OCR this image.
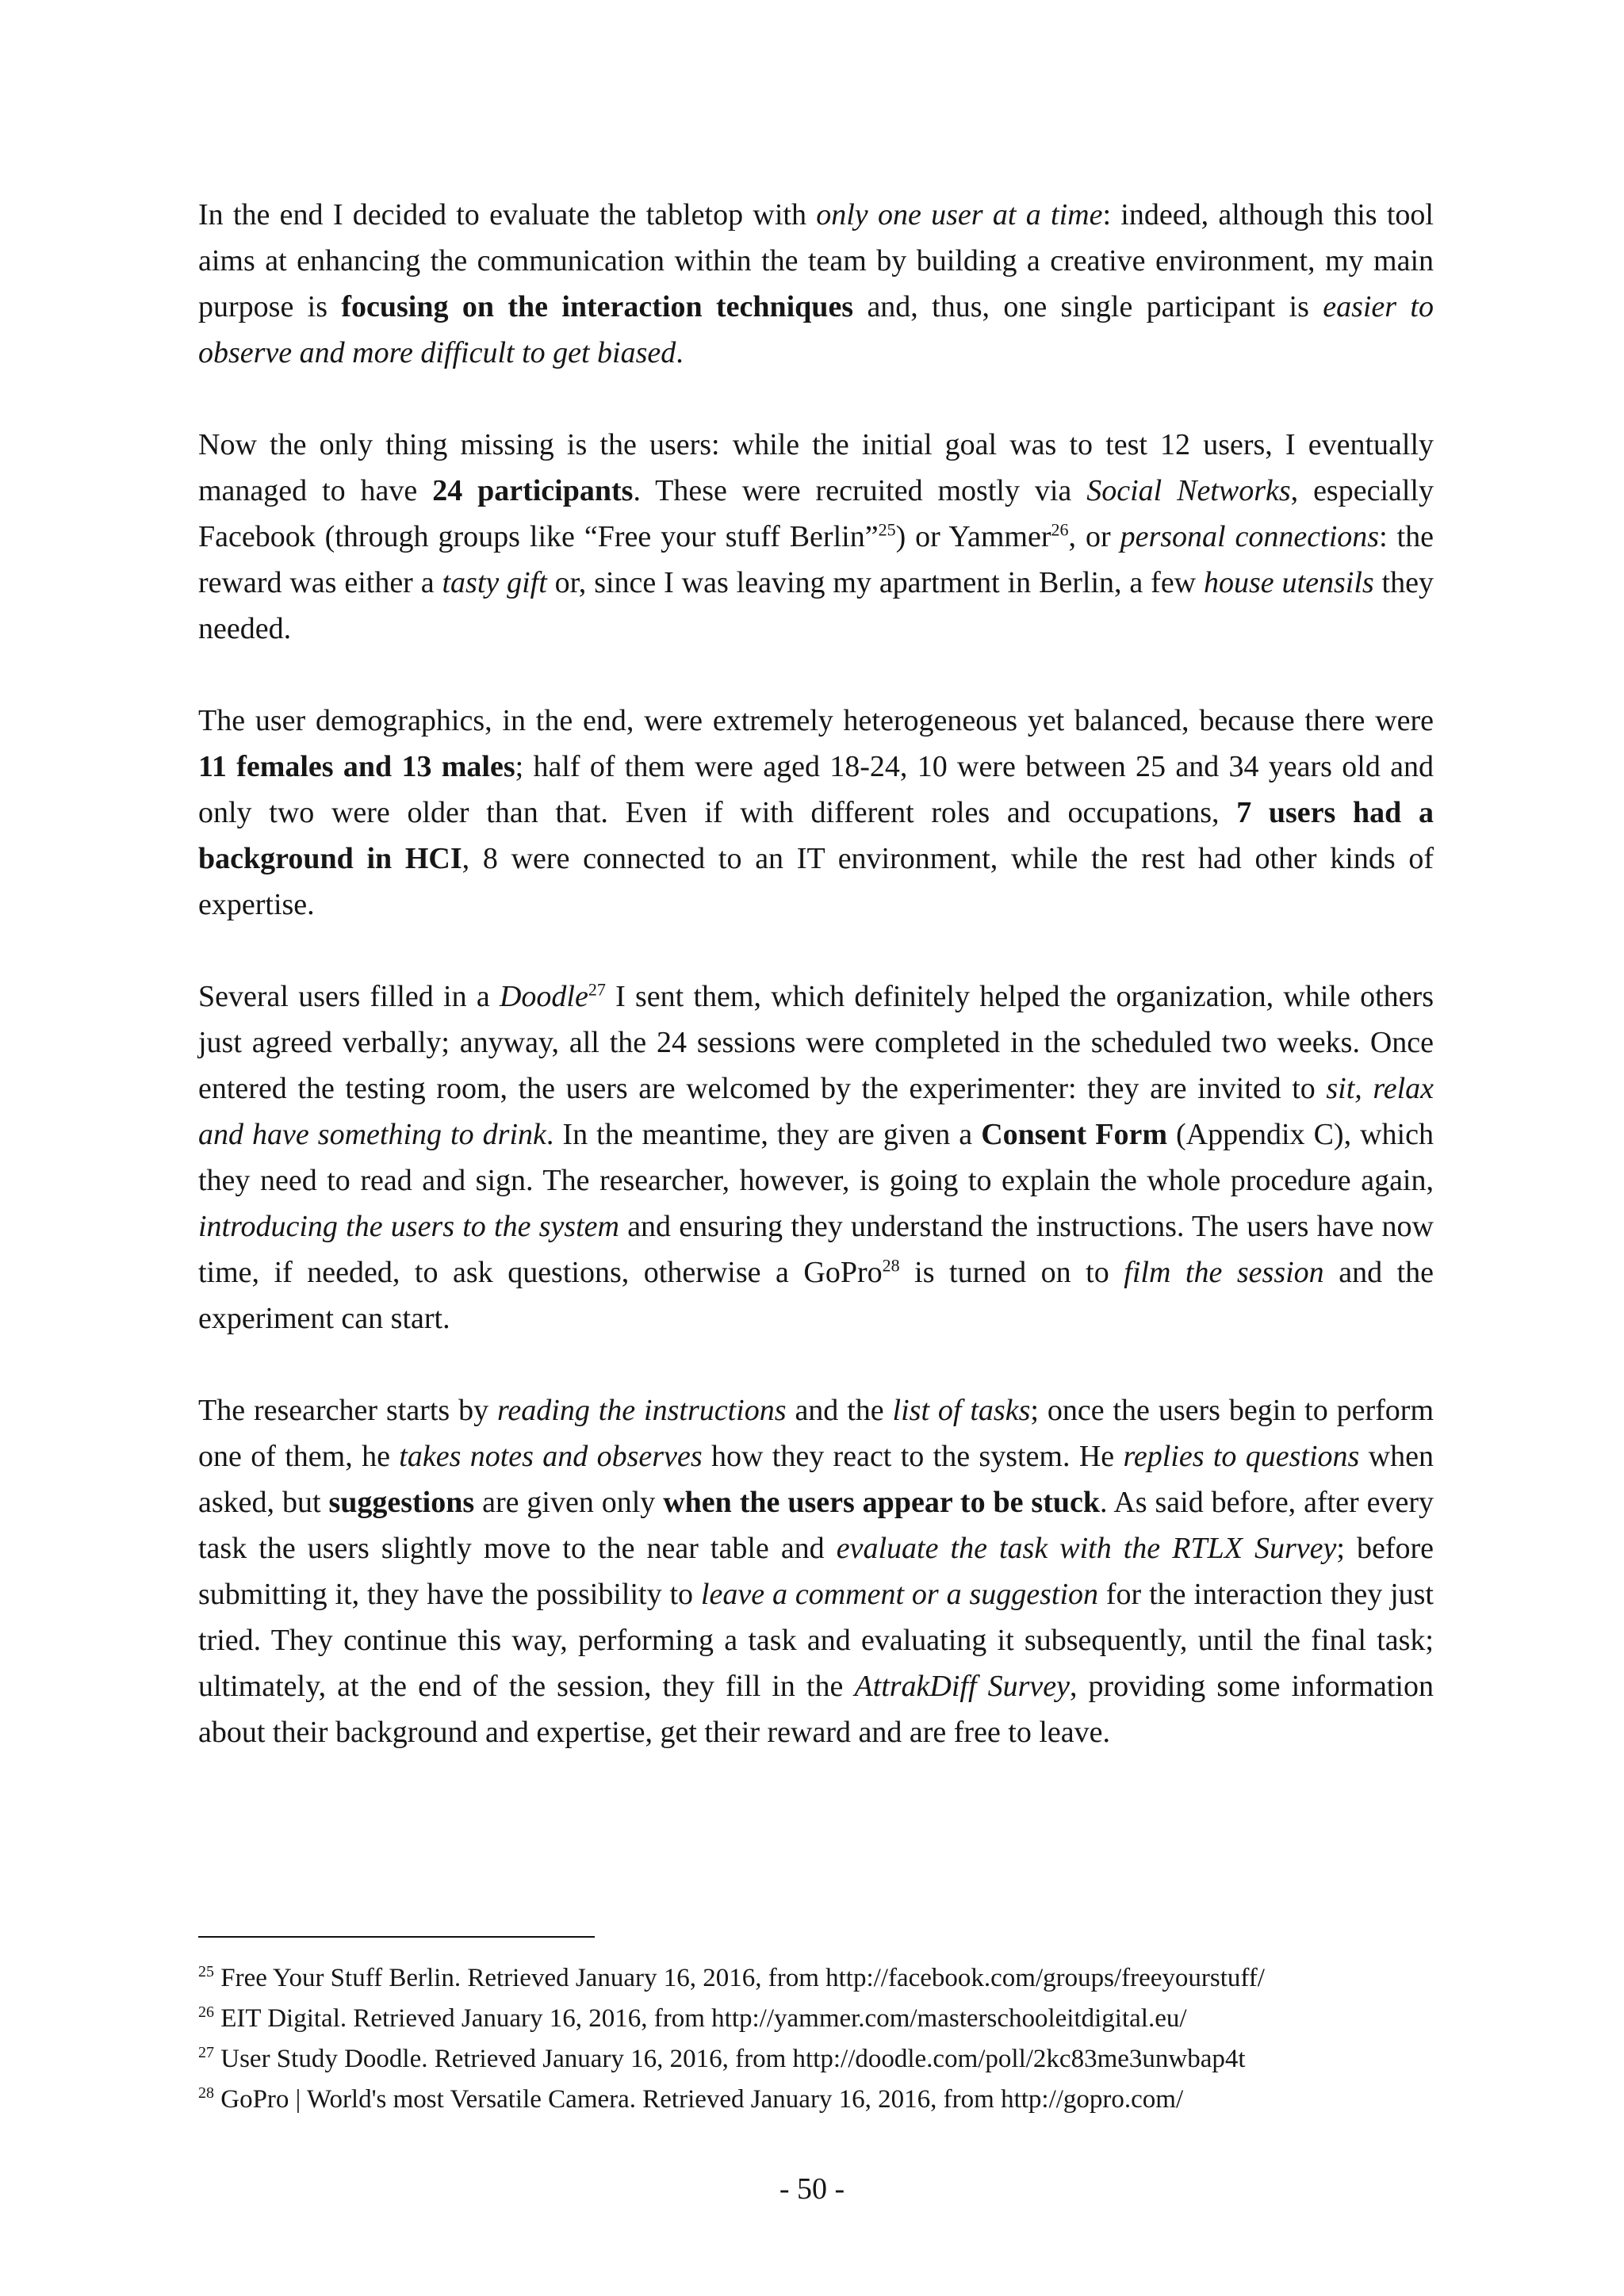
In the end I decided to evaluate the tabletop with only one user at a time: indeed, although this tool aims at enhancing the communication within the team by building a creative environment, my main purpose is focusing on the interaction techniques and, thus, one single participant is easier to observe and more difficult to get biased.

Now the only thing missing is the users: while the initial goal was to test 12 users, I eventually managed to have 24 participants. These were recruited mostly via Social Networks, especially Facebook (through groups like “Free your stuff Berlin”$^{25}$) or Yammer$^{26}$, or personal connections: the reward was either a tasty gift or, since I was leaving my apartment in Berlin, a few house utensils they needed.

The user demographics, in the end, were extremely heterogeneous yet balanced, because there were 11 females and 13 males; half of them were aged 18-24, 10 were between 25 and 34 years old and only two were older than that. Even if with different roles and occupations, 7 users had a background in HCI, 8 were connected to an IT environment, while the rest had other kinds of expertise.

Several users filled in a Doodle$^{27}$ I sent them, which definitely helped the organization, while others just agreed verbally; anyway, all the 24 sessions were completed in the scheduled two weeks. Once entered the testing room, the users are welcomed by the experimenter: they are invited to sit, relax and have something to drink. In the meantime, they are given a Consent Form (Appendix C), which they need to read and sign. The researcher, however, is going to explain the whole procedure again, introducing the users to the system and ensuring they understand the instructions. The users have now time, if needed, to ask questions, otherwise a GoPro$^{28}$ is turned on to film the session and the experiment can start.

The researcher starts by reading the instructions and the list of tasks; once the users begin to perform one of them, he takes notes and observes how they react to the system. He replies to questions when asked, but suggestions are given only when the users appear to be stuck. As said before, after every task the users slightly move to the near table and evaluate the task with the RTLX Survey; before submitting it, they have the possibility to leave a comment or a suggestion for the interaction they just tried. They continue this way, performing a task and evaluating it subsequently, until the final task; ultimately, at the end of the session, they fill in the AttrakDiff Survey, providing some information about their background and expertise, get their reward and are free to leave.

$^{25}$ Free Your Stuff Berlin. Retrieved January 16, 2016, from http://facebook.com/groups/freeyourstuff/

$^{26}$ EIT Digital. Retrieved January 16, 2016, from http://yammer.com/masterschooleitdigital.eu/

$^{27}$ User Study Doodle. Retrieved January 16, 2016, from http://doodle.com/poll/2kc83me3unwbap4t

$^{28}$ GoPro | World's most Versatile Camera. Retrieved January 16, 2016, from http://gopro.com/

- 50 -
